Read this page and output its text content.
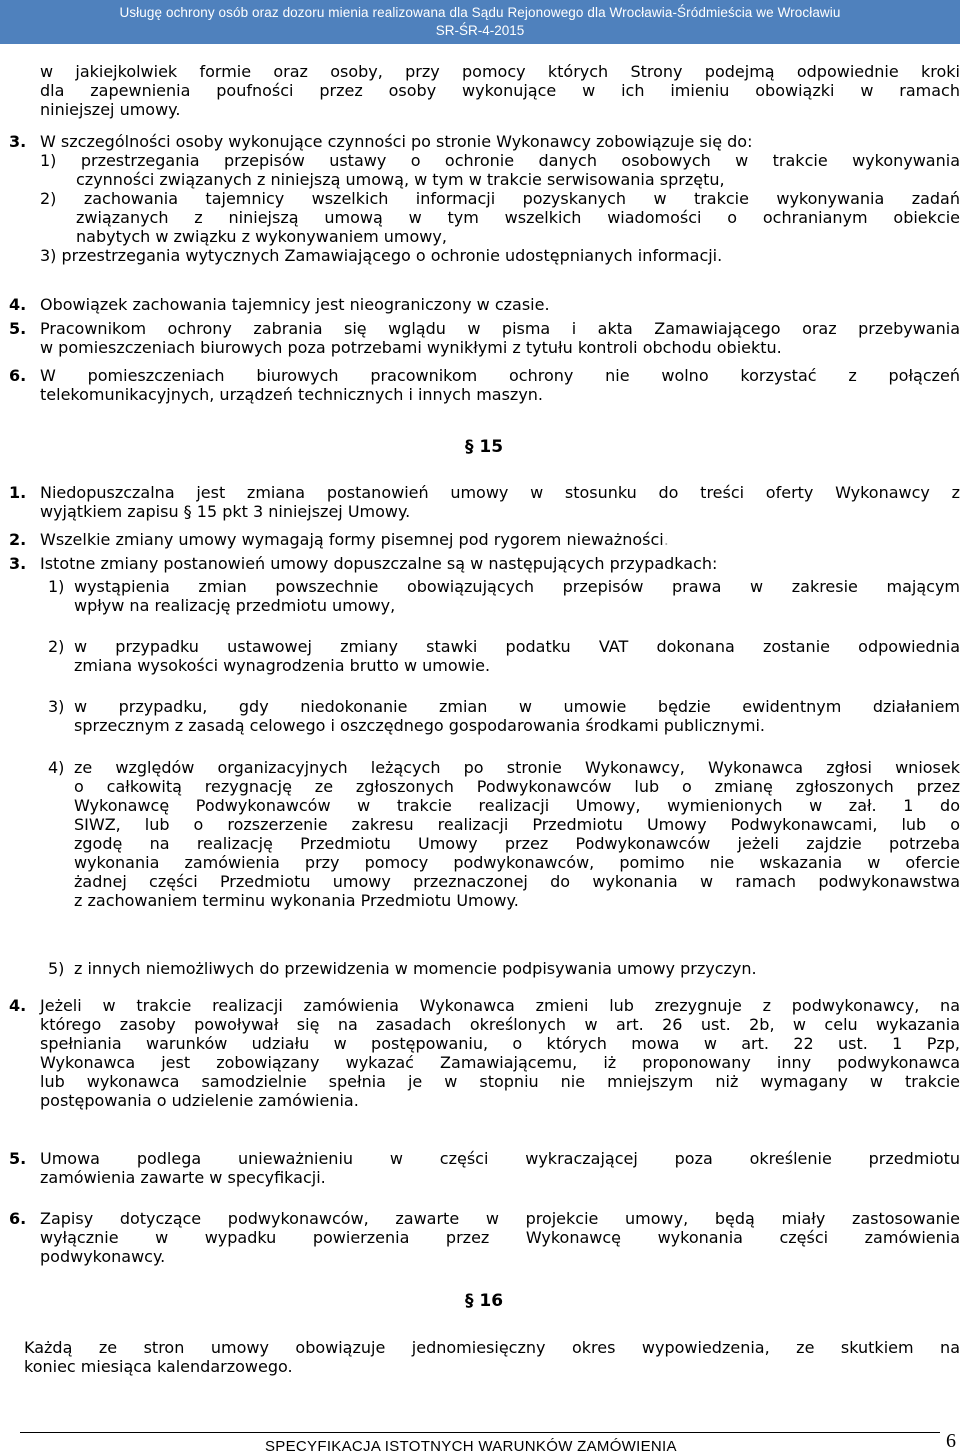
Usługę ochrony osób oraz dozoru mienia realizowana dla Sądu Rejonowego dla Wrocławia-Śródmieścia we Wrocławiu
SR-ŚR-4-2015

w jakiejkolwiek formie oraz osoby, przy pomocy których Strony podejmą odpowiednie kroki

dla zapewnienia poufności przez osoby wykonujące w ich imieniu obowiązki w ramach

niniejszej umowy.

3. W szczególności osoby wykonujące czynności po stronie Wykonawcy zobowiązuje się do:

1) przestrzegania przepisów ustawy o ochronie danych osobowych w trakcie wykonywania

czynności związanych z niniejszą umową, w tym w trakcie serwisowania sprzętu,

2) zachowania tajemnicy wszelkich informacji pozyskanych w trakcie wykonywania zadań

związanych z niniejszą umową w tym wszelkich wiadomości o ochranianym obiekcie

nabytych w związku z wykonywaniem umowy,

3) przestrzegania wytycznych Zamawiającego o ochronie udostępnianych informacji.

4. Obowiązek zachowania tajemnicy jest nieograniczony w czasie.

5. Pracownikom ochrony zabrania się wglądu w pisma i akta Zamawiającego oraz przebywania

w pomieszczeniach biurowych poza potrzebami wynikłymi z tytułu kontroli obchodu obiektu.

6. W pomieszczeniach biurowych pracownikom ochrony nie wolno korzystać z połączeń

telekomunikacyjnych, urządzeń technicznych i innych maszyn.

§ 15

1. Niedopuszczalna jest zmiana postanowień umowy w stosunku do treści oferty Wykonawcy z

wyjątkiem zapisu § 15 pkt 3 niniejszej Umowy.

2. Wszelkie zmiany umowy wymagają formy pisemnej pod rygorem nieważności.

3. Istotne zmiany postanowień umowy dopuszczalne są w następujących przypadkach:

1) wystąpienia zmian powszechnie obowiązujących przepisów prawa w zakresie mającym

wpływ na realizację przedmiotu umowy,

2) w przypadku ustawowej zmiany stawki podatku VAT dokonana zostanie odpowiednia

zmiana wysokości wynagrodzenia brutto w umowie.

3) w przypadku, gdy niedokonanie zmian w umowie będzie ewidentnym działaniem

sprzecznym z zasadą celowego i oszczędnego gospodarowania środkami publicznymi.

4) ze względów organizacyjnych leżących po stronie Wykonawcy, Wykonawca zgłosi wniosek

o całkowitą rezygnację ze zgłoszonych Podwykonawców lub o zmianę zgłoszonych przez

Wykonawcę Podwykonawców w trakcie realizacji Umowy, wymienionych w zał. 1 do

SIWZ, lub o rozszerzenie zakresu realizacji Przedmiotu Umowy Podwykonawcami, lub o

zgodę na realizację Przedmiotu Umowy przez Podwykonawców jeżeli zajdzie potrzeba

wykonania zamówienia przy pomocy podwykonawców, pomimo nie wskazania w ofercie

żadnej części Przedmiotu umowy przeznaczonej do wykonania w ramach podwykonawstwa

z zachowaniem terminu wykonania Przedmiotu Umowy.

5) z innych niemożliwych do przewidzenia w momencie podpisywania umowy przyczyn.

4. Jeżeli w trakcie realizacji zamówienia Wykonawca zmieni lub zrezygnuje z podwykonawcy, na

którego zasoby powoływał się na zasadach określonych w art. 26 ust. 2b, w celu wykazania

spełniania warunków udziału w postępowaniu, o których mowa w art. 22 ust. 1 Pzp,

Wykonawca jest zobowiązany wykazać Zamawiającemu, iż proponowany inny podwykonawca

lub wykonawca samodzielnie spełnia je w stopniu nie mniejszym niż wymagany w trakcie

postępowania o udzielenie zamówienia.

5. Umowa podlega unieważnieniu w części wykraczającej poza określenie przedmiotu

zamówienia zawarte w specyfikacji.

6. Zapisy dotyczące podwykonawców, zawarte w projekcie umowy, będą miały zastosowanie

wyłącznie w wypadku powierzenia przez Wykonawcę wykonania części zamówienia

podwykonawcy.

§ 16

Każdą ze stron umowy obowiązuje jednomiesięczny okres wypowiedzenia, ze skutkiem na

koniec miesiąca kalendarzowego.

SPECYFIKACJA ISTOTNYCH WARUNKÓW ZAMÓWIENIA	6
